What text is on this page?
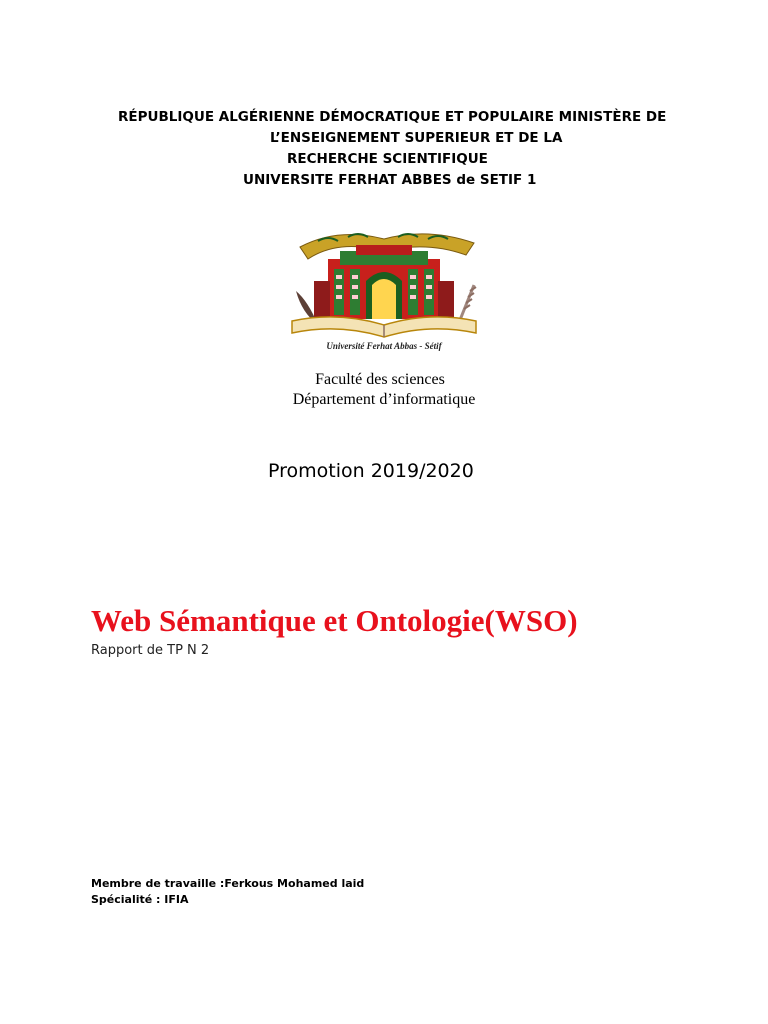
RÉPUBLIQUE ALGÉRIENNE DÉMOCRATIQUE ET POPULAIRE MINISTÈRE DE
L’ENSEIGNEMENT SUPERIEUR ET DE LA
RECHERCHE SCIENTIFIQUE
UNIVERSITE FERHAT ABBES de SETIF 1
Université Ferhat Abbas - Sétif
Faculté des sciences
Département d’informatique
Promotion 2019/2020
Web Sémantique et Ontologie(WSO)
Rapport de TP N 2
Membre de travaille :Ferkous Mohamed laid
Spécialité : IFIA
